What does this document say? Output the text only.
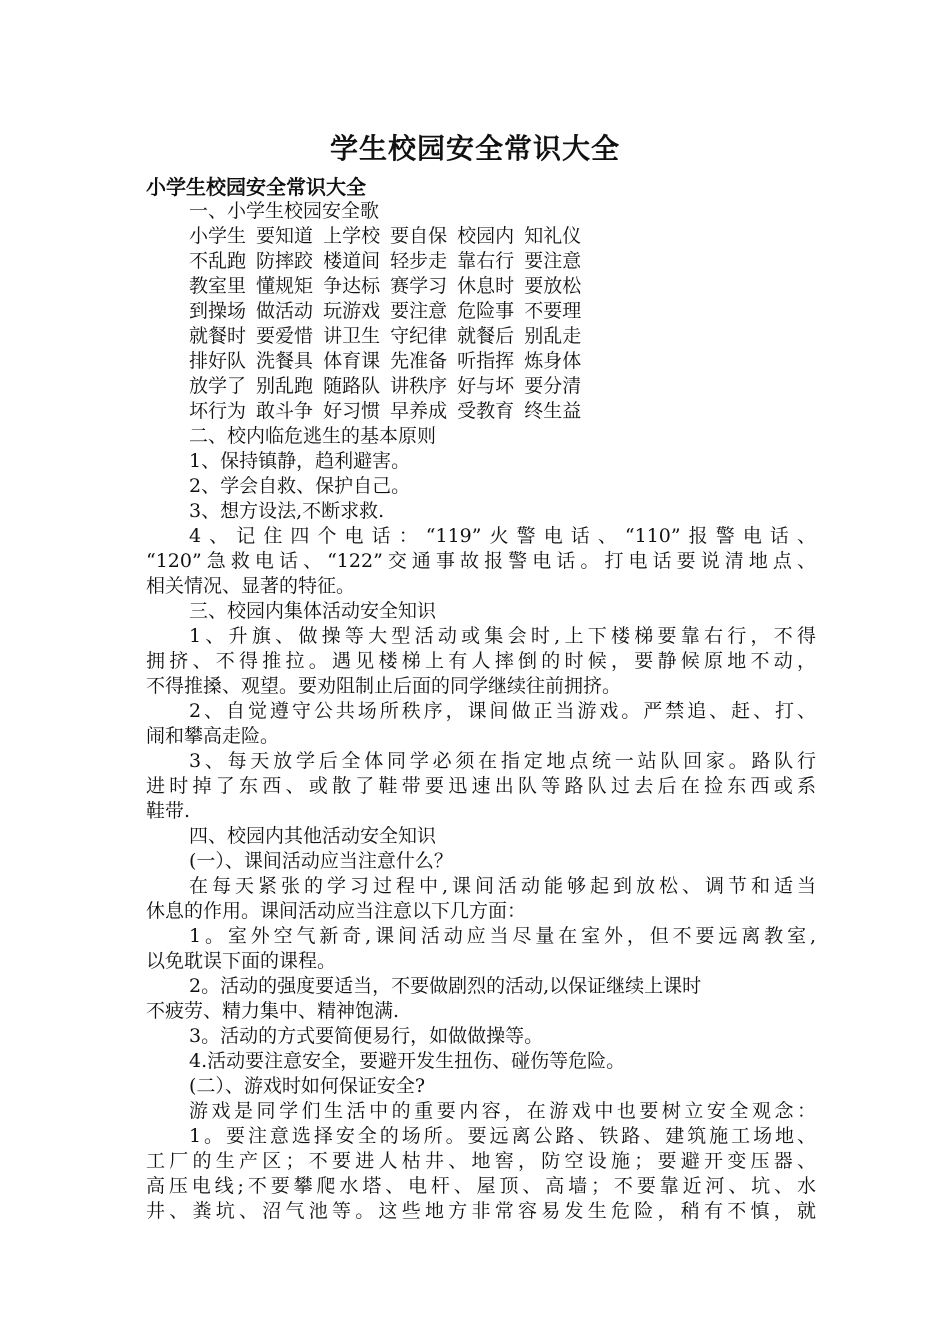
学生校园安全常识大全
小学生校园安全常识大全
一、小学生校园安全歌
小学生 要知道 上学校 要自保 校园内 知礼仪
不乱跑 防摔跤 楼道间 轻步走 靠右行 要注意
教室里 懂规矩 争达标 赛学习 休息时 要放松
到操场 做活动 玩游戏 要注意 危险事 不要理
就餐时 要爱惜 讲卫生 守纪律 就餐后 别乱走
排好队 洗餐具 体育课 先准备 听指挥 炼身体
放学了 别乱跑 随路队 讲秩序 好与坏 要分清
坏行为 敢斗争 好习惯 早养成 受教育 终生益
二、校内临危逃生的基本原则
1、保持镇静，趋利避害。
2、学会自救、保护自己。
3、想方设法,不断求救.
4、记住四个电话：“119”火警电话、“110”报警电话、
“120”急救电话、“122”交通事故报警电话。打电话要说清地点、
相关情况、显著的特征。
三、校园内集体活动安全知识
1、升旗、做操等大型活动或集会时,上下楼梯要靠右行，不得
拥挤、不得推拉。遇见楼梯上有人摔倒的时候，要静候原地不动，
不得推搡、观望。要劝阻制止后面的同学继续往前拥挤。
2、自觉遵守公共场所秩序，课间做正当游戏。严禁追、赶、打、
闹和攀高走险。
3、每天放学后全体同学必须在指定地点统一站队回家。路队行
进时掉了东西、或散了鞋带要迅速出队等路队过去后在捡东西或系
鞋带.
四、校园内其他活动安全知识
(一）、课间活动应当注意什么？
在每天紧张的学习过程中,课间活动能够起到放松、调节和适当
休息的作用。课间活动应当注意以下几方面：
1。室外空气新奇,课间活动应当尽量在室外，但不要远离教室,
以免耽误下面的课程。
2。活动的强度要适当，不要做剧烈的活动,以保证继续上课时
不疲劳、精力集中、精神饱满.
3。活动的方式要简便易行，如做做操等。
4.活动要注意安全，要避开发生扭伤、碰伤等危险。
(二）、游戏时如何保证安全?
游戏是同学们生活中的重要内容，在游戏中也要树立安全观念：
1。要注意选择安全的场所。要远离公路、铁路、建筑施工场地、
工厂的生产区；不要进人枯井、地窖，防空设施；要避开变压器、
高压电线;不要攀爬水塔、电杆、屋顶、高墙；不要靠近河、坑、水
井、粪坑、沼气池等。这些地方非常容易发生危险，稍有不慎，就
